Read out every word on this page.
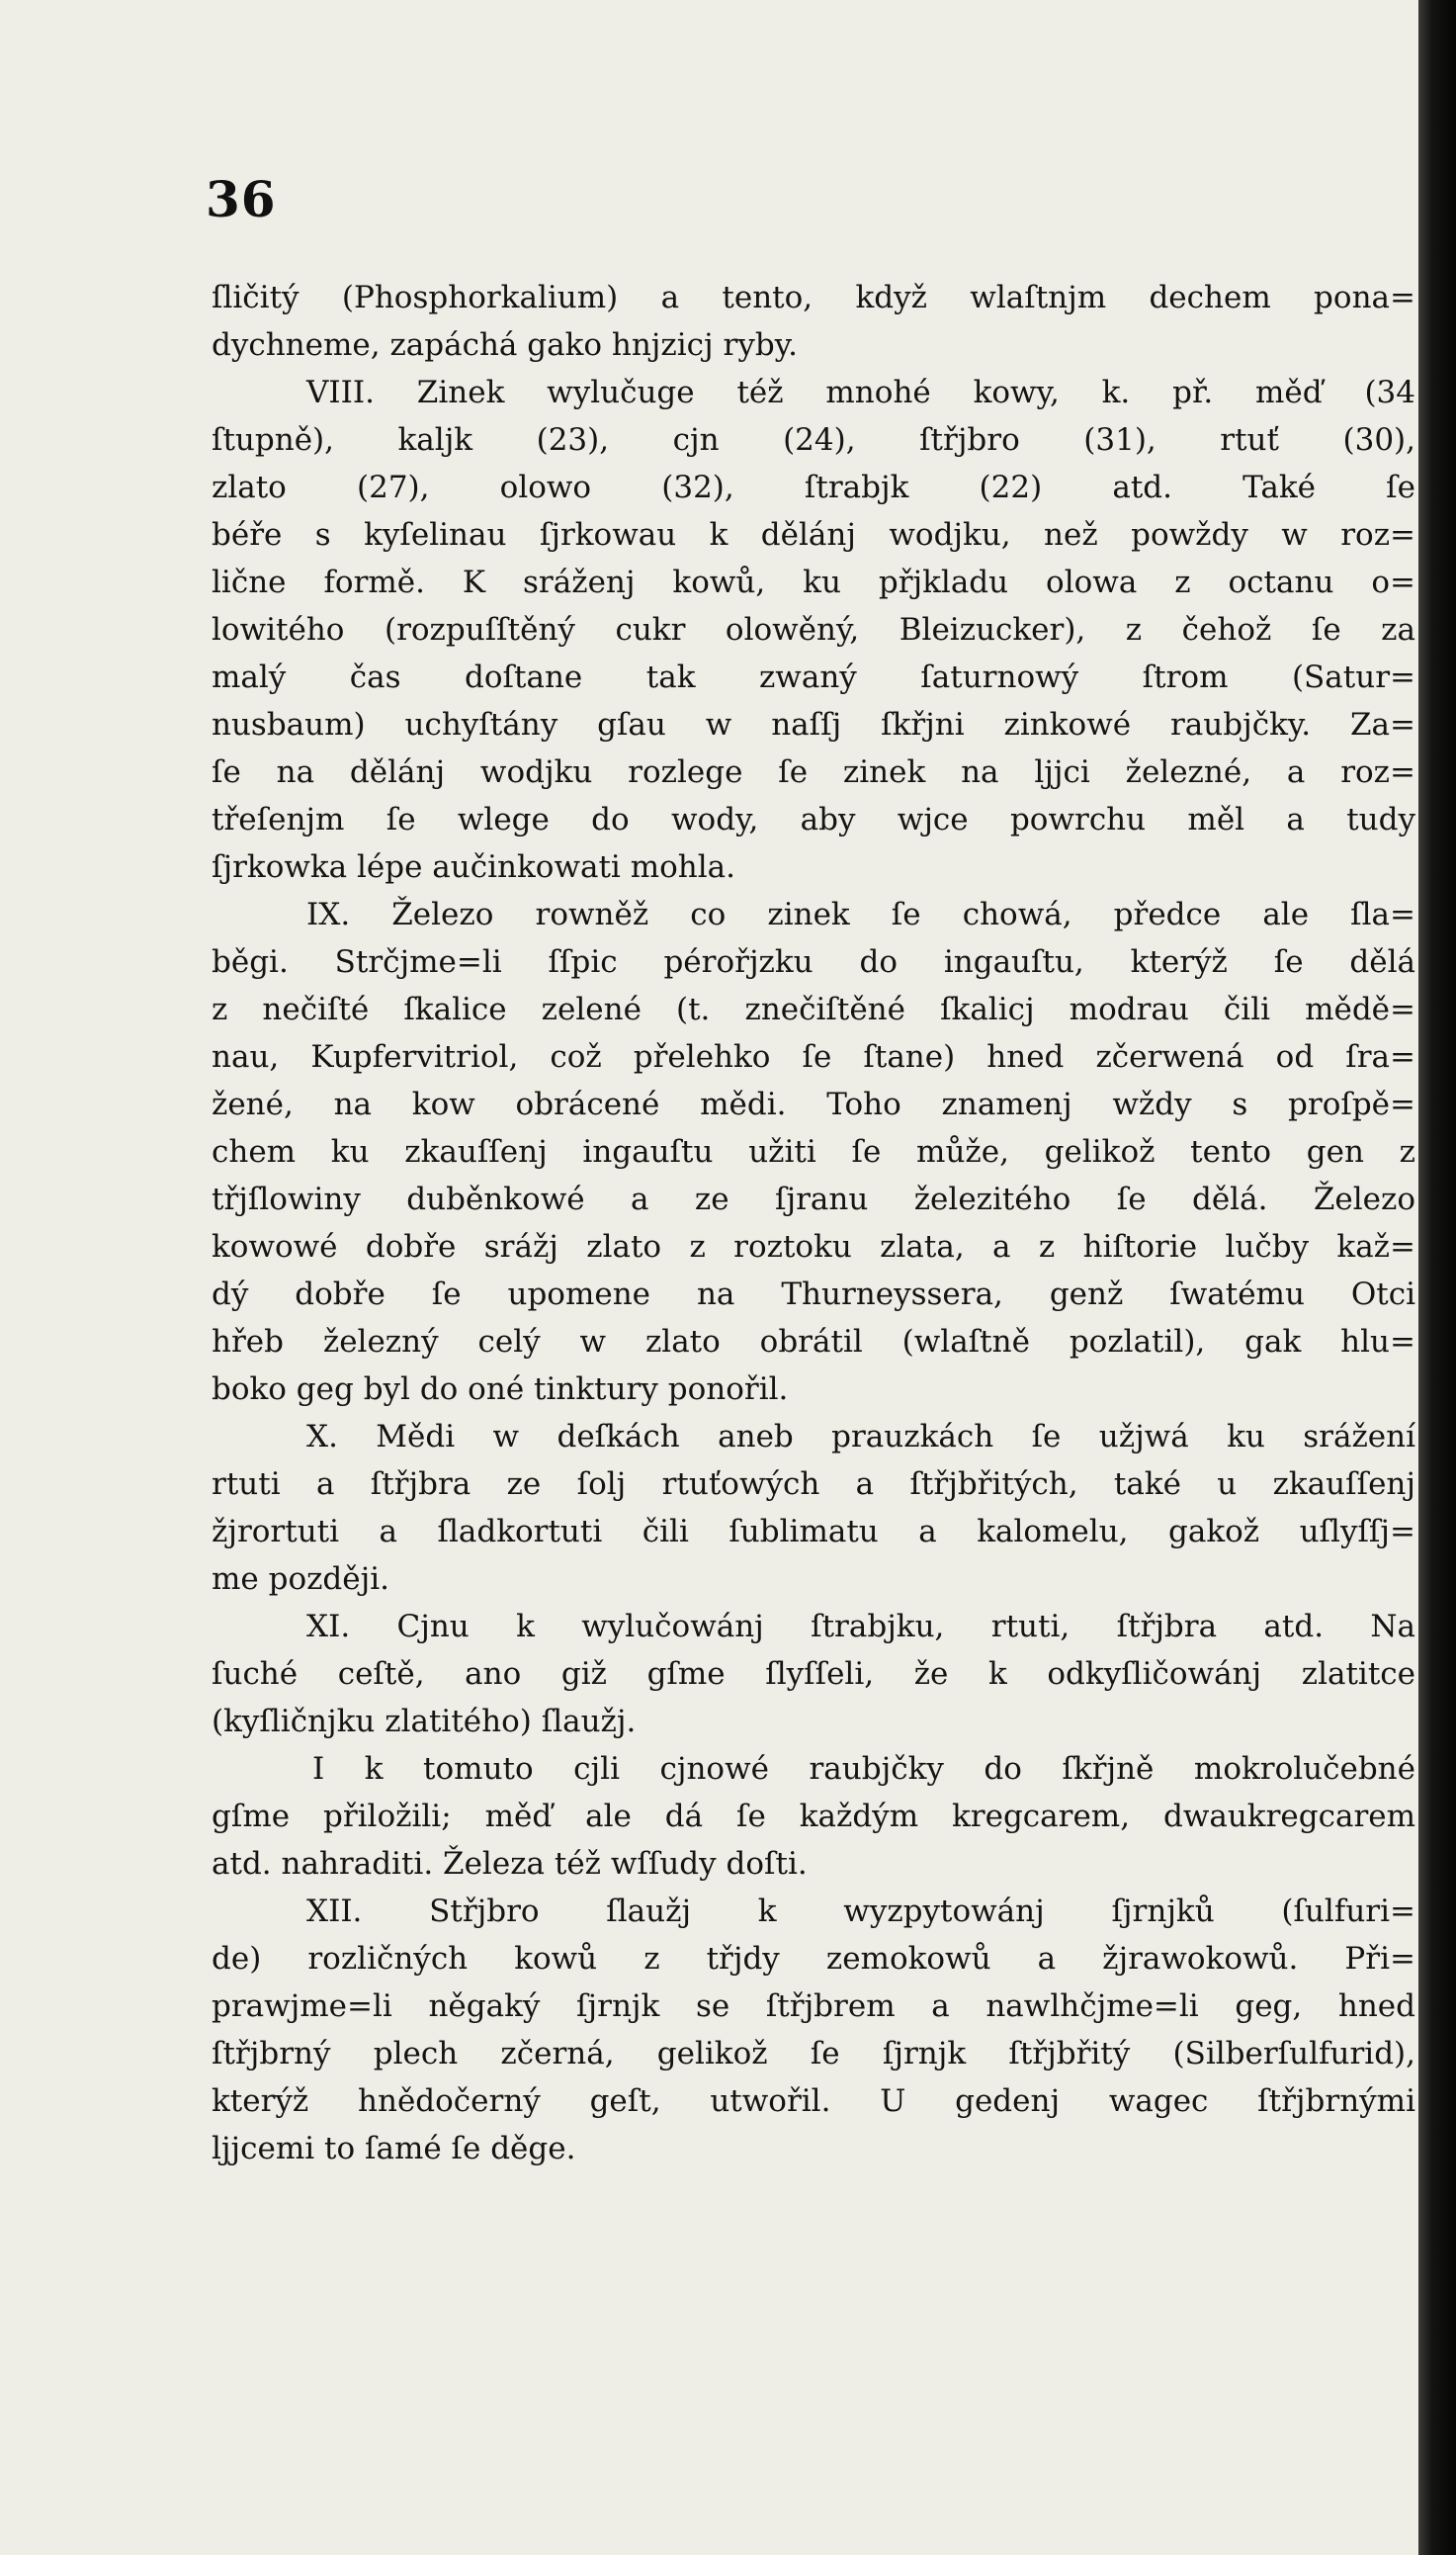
36
ſličitý (Phosphorkalium) a tento, když wlaſtnjm dechem pona=
dychneme, zapáchá gako hnjzicj ryby.
VIII. Zinek wylučuge též mnohé kowy, k. př. měď (34
ſtupně), kaljk (23), cjn (24), ſtřjbro (31), rtuť (30),
zlato (27), olowo (32), ſtrabjk (22) atd. Také ſe
béře s kyſelinau ſjrkowau k dělánj wodjku, než powždy w roz=
lične formě. K sráženj kowů, ku přjkladu olowa z octanu o=
lowitého (rozpuſſtěný cukr olowěný, Bleizucker), z čehož ſe za
malý čas doſtane tak zwaný ſaturnowý ſtrom (Satur=
nusbaum) uchyſtány gſau w naſſj ſkřjni zinkowé raubjčky. Za=
ſe na dělánj wodjku rozlege ſe zinek na ljjci železné, a roz=
třeſenjm ſe wlege do wody, aby wjce powrchu měl a tudy
ſjrkowka lépe aučinkowati mohla.
IX. Železo rowněž co zinek ſe chowá, předce ale ſla=
běgi. Strčjme=li ſſpic pérořjzku do ingauſtu, kterýž ſe dělá
z nečiſté ſkalice zelené (t. znečiſtěné ſkalicj modrau čili mědě=
nau, Kupfervitriol, což přelehko ſe ſtane) hned zčerwená od ſra=
žené, na kow obrácené mědi. Toho znamenj wždy s proſpě=
chem ku zkauſſenj ingauſtu užiti ſe může, gelikož tento gen z
třjſlowiny duběnkowé a ze ſjranu železitého ſe dělá. Železo
kowowé dobře srážj zlato z roztoku zlata, a z hiſtorie lučby kaž=
dý dobře ſe upomene na Thurneyssera, genž ſwatému Otci
hřeb železný celý w zlato obrátil (wlaſtně pozlatil), gak hlu=
boko geg byl do oné tinktury ponořil.
X. Mědi w deſkách aneb prauzkách ſe užjwá ku srážení
rtuti a ſtřjbra ze ſolj rtuťowých a ſtřjbřitých, také u zkauſſenj
žjrortuti a ſladkortuti čili ſublimatu a kalomelu, gakož uſlyſſj=
me později.
XI. Cjnu k wylučowánj ſtrabjku, rtuti, ſtřjbra atd. Na
ſuché ceſtě, ano giž gſme ſlyſſeli, že k odkyſličowánj zlatitce
(kyſličnjku zlatitého) ſlaužj.
I k tomuto cjli cjnowé raubjčky do ſkřjně mokrolučebné
gſme přiložili; měď ale dá ſe každým kregcarem, dwaukregcarem
atd. nahraditi. Železa též wſſudy doſti.
XII. Střjbro ſlaužj k wyzpytowánj ſjrnjků (ſulfuri=
de) rozličných kowů z třjdy zemokowů a žjrawokowů. Při=
prawjme=li něgaký ſjrnjk se ſtřjbrem a nawlhčjme=li geg, hned
ſtřjbrný plech zčerná, gelikož ſe ſjrnjk ſtřjbřitý (Silberſulfurid),
kterýž hnědočerný geſt, utwořil. U gedenj wagec ſtřjbrnými
ljjcemi to ſamé ſe děge.
